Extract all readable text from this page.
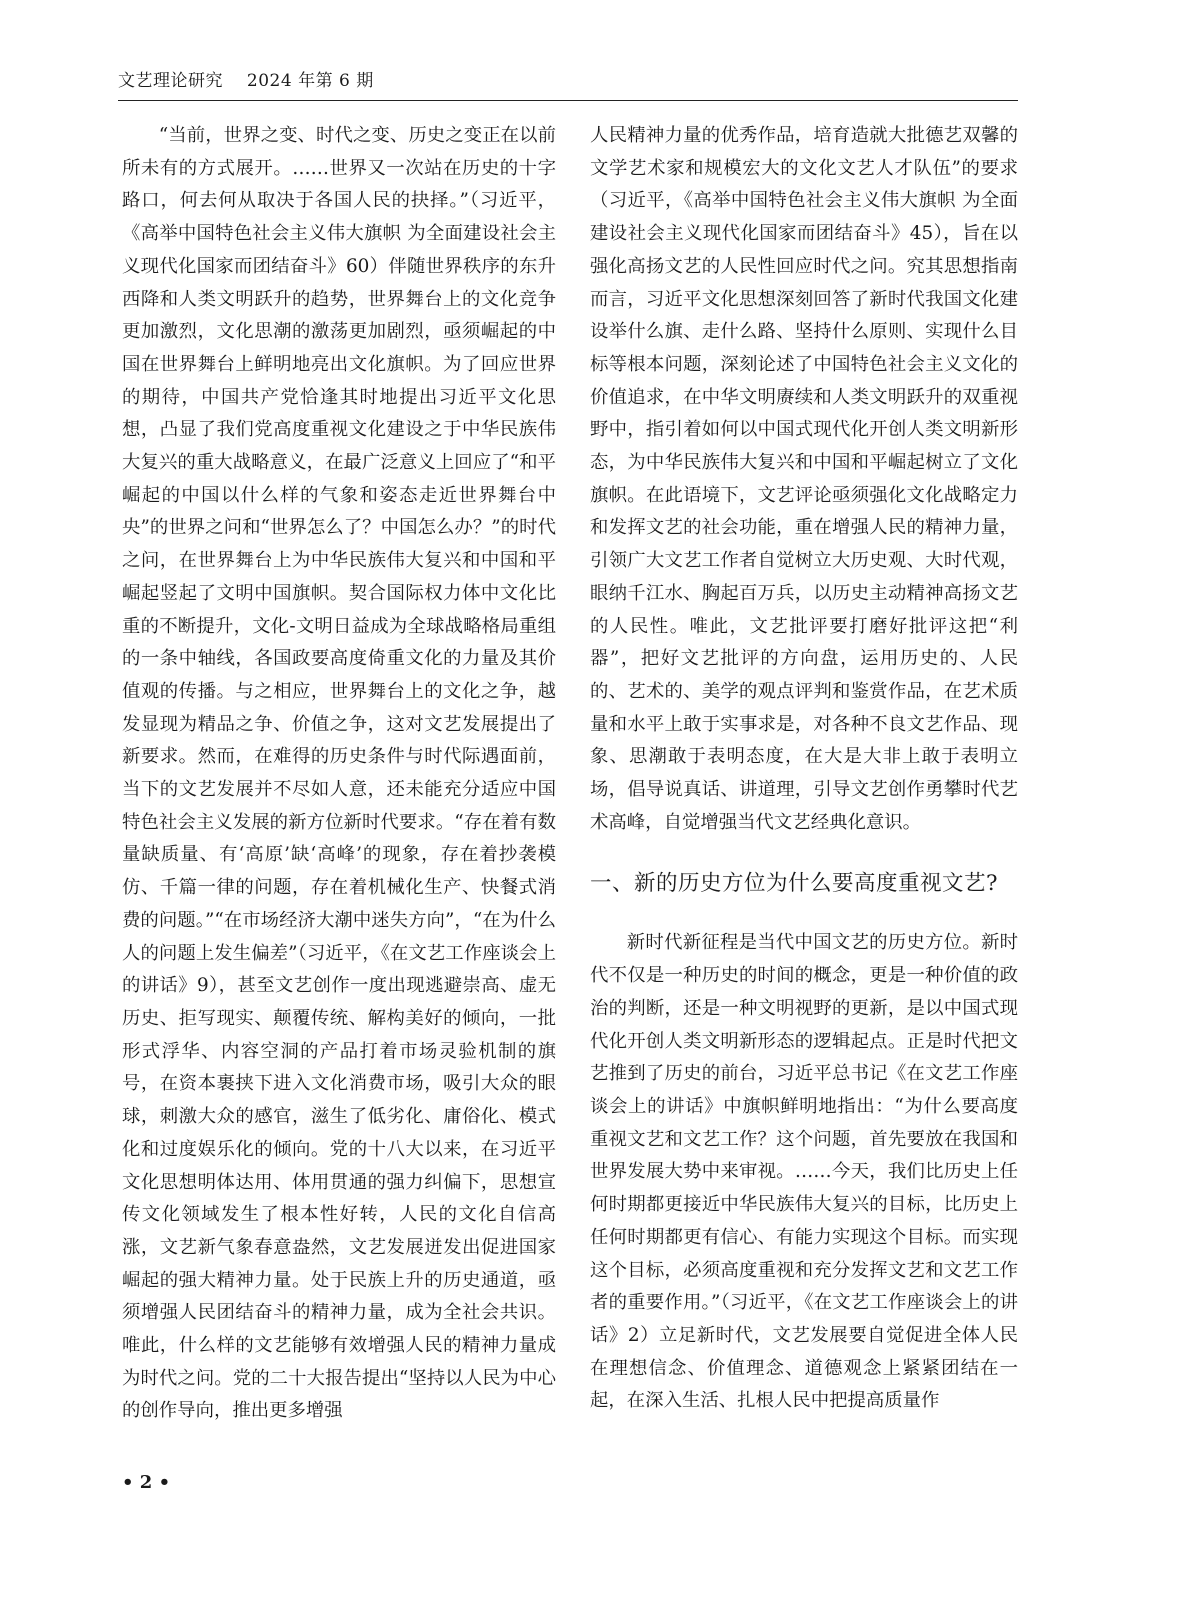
文艺理论研究 2024 年第 6 期

“当前，世界之变、时代之变、历史之变正在以前所未有的方式展开。……世界又一次站在历史的十字路口，何去何从取决于各国人民的抉择。”（习近平，《高举中国特色社会主义伟大旗帜 为全面建设社会主义现代化国家而团结奋斗》60）伴随世界秩序的东升西降和人类文明跃升的趋势，世界舞台上的文化竞争更加激烈，文化思潮的激荡更加剧烈，亟须崛起的中国在世界舞台上鲜明地亮出文化旗帜。为了回应世界的期待，中国共产党恰逢其时地提出习近平文化思想，凸显了我们党高度重视文化建设之于中华民族伟大复兴的重大战略意义，在最广泛意义上回应了“和平崛起的中国以什么样的气象和姿态走近世界舞台中央”的世界之问和“世界怎么了？中国怎么办？”的时代之问，在世界舞台上为中华民族伟大复兴和中国和平崛起竖起了文明中国旗帜。契合国际权力体中文化比重的不断提升，文化-文明日益成为全球战略格局重组的一条中轴线，各国政要高度倚重文化的力量及其价值观的传播。与之相应，世界舞台上的文化之争，越发显现为精品之争、价值之争，这对文艺发展提出了新要求。然而，在难得的历史条件与时代际遇面前，当下的文艺发展并不尽如人意，还未能充分适应中国特色社会主义发展的新方位新时代要求。“存在着有数量缺质量、有‘高原’缺‘高峰’的现象，存在着抄袭模仿、千篇一律的问题，存在着机械化生产、快餐式消费的问题。”“在市场经济大潮中迷失方向”，“在为什么人的问题上发生偏差”（习近平，《在文艺工作座谈会上的讲话》9），甚至文艺创作一度出现逃避崇高、虚无历史、拒写现实、颠覆传统、解构美好的倾向，一批形式浮华、内容空洞的产品打着市场灵验机制的旗号，在资本裹挟下进入文化消费市场，吸引大众的眼球，刺激大众的感官，滋生了低劣化、庸俗化、模式化和过度娱乐化的倾向。党的十八大以来，在习近平文化思想明体达用、体用贯通的强力纠偏下，思想宣传文化领域发生了根本性好转，人民的文化自信高涨，文艺新气象春意盎然，文艺发展迸发出促进国家崛起的强大精神力量。处于民族上升的历史通道，亟须增强人民团结奋斗的精神力量，成为全社会共识。唯此，什么样的文艺能够有效增强人民的精神力量成为时代之问。党的二十大报告提出“坚持以人民为中心的创作导向，推出更多增强

人民精神力量的优秀作品，培育造就大批德艺双馨的文学艺术家和规模宏大的文化文艺人才队伍”的要求（习近平，《高举中国特色社会主义伟大旗帜 为全面建设社会主义现代化国家而团结奋斗》45），旨在以强化高扬文艺的人民性回应时代之问。究其思想指南而言，习近平文化思想深刻回答了新时代我国文化建设举什么旗、走什么路、坚持什么原则、实现什么目标等根本问题，深刻论述了中国特色社会主义文化的价值追求，在中华文明赓续和人类文明跃升的双重视野中，指引着如何以中国式现代化开创人类文明新形态，为中华民族伟大复兴和中国和平崛起树立了文化旗帜。在此语境下，文艺评论亟须强化文化战略定力和发挥文艺的社会功能，重在增强人民的精神力量，引领广大文艺工作者自觉树立大历史观、大时代观，眼纳千江水、胸起百万兵，以历史主动精神高扬文艺的人民性。唯此，文艺批评要打磨好批评这把“利器”，把好文艺批评的方向盘，运用历史的、人民的、艺术的、美学的观点评判和鉴赏作品，在艺术质量和水平上敢于实事求是，对各种不良文艺作品、现象、思潮敢于表明态度，在大是大非上敢于表明立场，倡导说真话、讲道理，引导文艺创作勇攀时代艺术高峰，自觉增强当代文艺经典化意识。

一、新的历史方位为什么要高度重视文艺?

新时代新征程是当代中国文艺的历史方位。新时代不仅是一种历史的时间的概念，更是一种价值的政治的判断，还是一种文明视野的更新，是以中国式现代化开创人类文明新形态的逻辑起点。正是时代把文艺推到了历史的前台，习近平总书记《在文艺工作座谈会上的讲话》中旗帜鲜明地指出：“为什么要高度重视文艺和文艺工作？这个问题，首先要放在我国和世界发展大势中来审视。……今天，我们比历史上任何时期都更接近中华民族伟大复兴的目标，比历史上任何时期都更有信心、有能力实现这个目标。而实现这个目标，必须高度重视和充分发挥文艺和文艺工作者的重要作用。”（习近平，《在文艺工作座谈会上的讲话》2）立足新时代，文艺发展要自觉促进全体人民在理想信念、价值理念、道德观念上紧紧团结在一起，在深入生活、扎根人民中把提高质量作

• 2 •
